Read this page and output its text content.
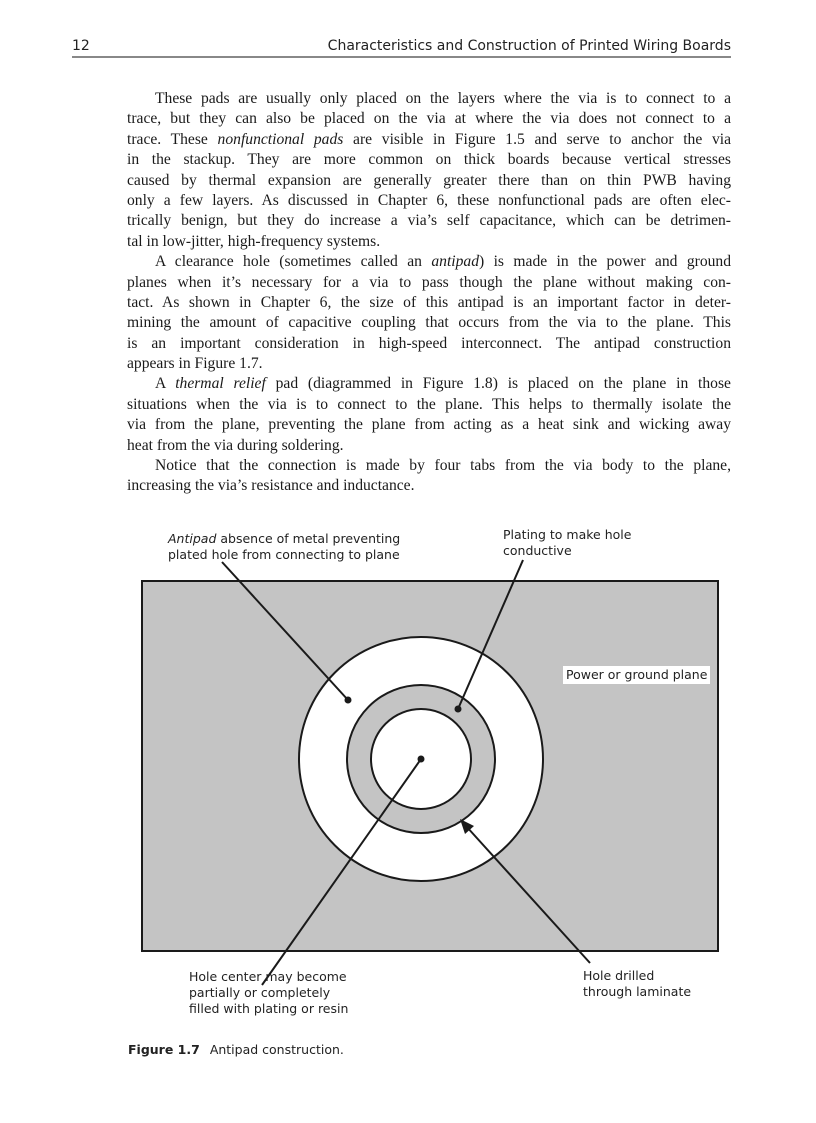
12	Characteristics and Construction of Printed Wiring Boards
These pads are usually only placed on the layers where the via is to connect to a
trace, but they can also be placed on the via at where the via does not connect to a
trace. These nonfunctional pads are visible in Figure 1.5 and serve to anchor the via
in the stackup. They are more common on thick boards because vertical stresses
caused by thermal expansion are generally greater there than on thin PWB having
only a few layers. As discussed in Chapter 6, these nonfunctional pads are often elec-
trically benign, but they do increase a via’s self capacitance, which can be detrimen-
tal in low-jitter, high-frequency systems.
A clearance hole (sometimes called an antipad) is made in the power and ground
planes when it’s necessary for a via to pass though the plane without making con-
tact. As shown in Chapter 6, the size of this antipad is an important factor in deter-
mining the amount of capacitive coupling that occurs from the via to the plane. This
is an important consideration in high-speed interconnect. The antipad construction
appears in Figure 1.7.
A thermal relief pad (diagrammed in Figure 1.8) is placed on the plane in those
situations when the via is to connect to the plane. This helps to thermally isolate the
via from the plane, preventing the plane from acting as a heat sink and wicking away
heat from the via during soldering.
Notice that the connection is made by four tabs from the via body to the plane,
increasing the via’s resistance and inductance.
Antipad absence of metal preventing
plated hole from connecting to plane
Plating to make hole
conductive
Power or ground plane
Hole center may become
partially or completely
filled with plating or resin
Hole drilled
through laminate
Figure 1.7 Antipad construction.
